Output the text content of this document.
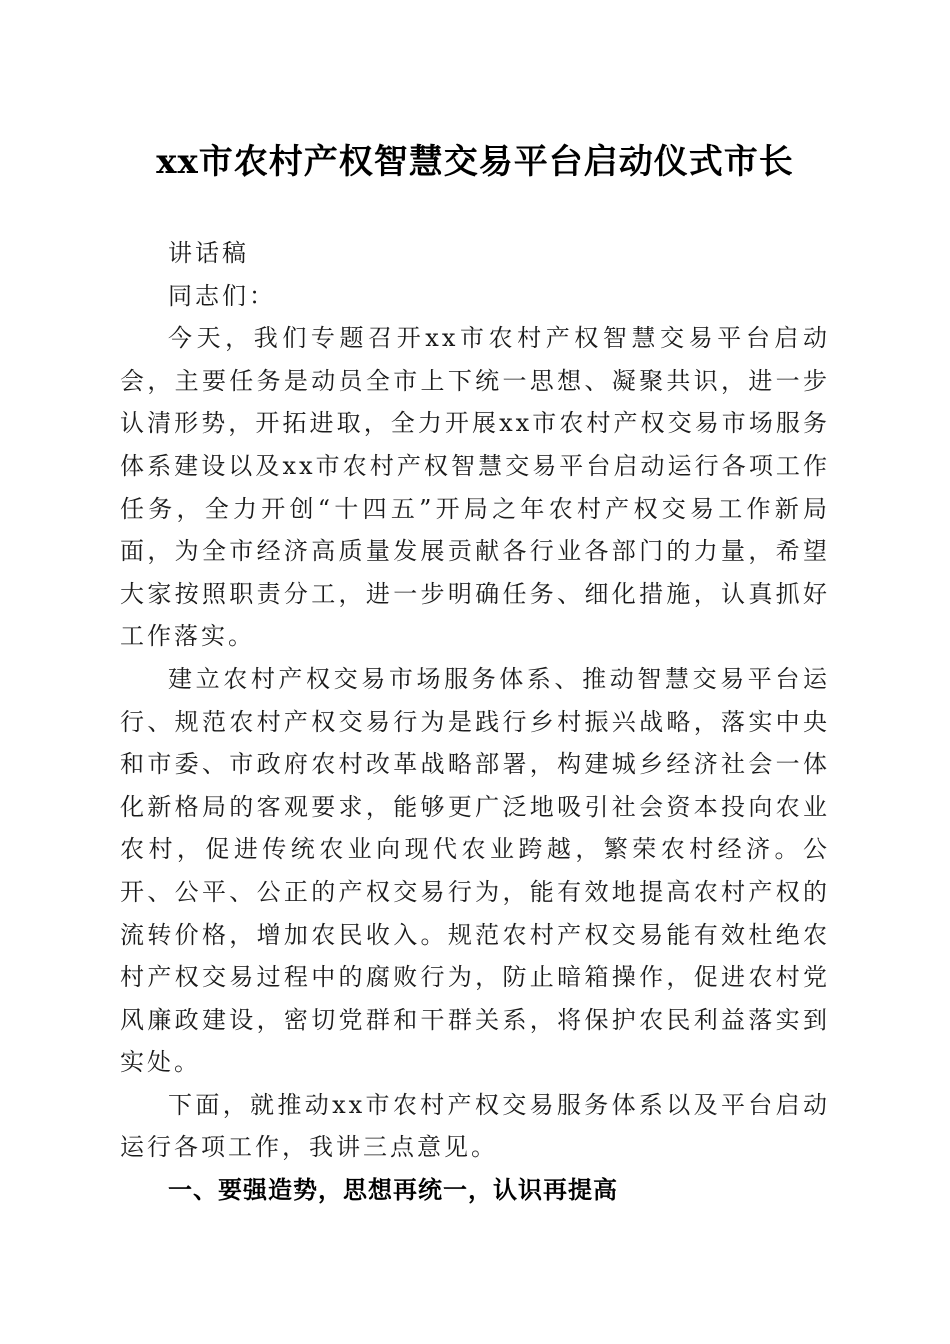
xx市农村产权智慧交易平台启动仪式市长

讲话稿

同志们：

今天，我们专题召开xx市农村产权智慧交易平台启动会，主要任务是动员全市上下统一思想、凝聚共识，进一步认清形势，开拓进取，全力开展xx市农村产权交易市场服务体系建设以及xx市农村产权智慧交易平台启动运行各项工作任务，全力开创“十四五”开局之年农村产权交易工作新局面，为全市经济高质量发展贡献各行业各部门的力量，希望大家按照职责分工，进一步明确任务、细化措施，认真抓好工作落实。

建立农村产权交易市场服务体系、推动智慧交易平台运行、规范农村产权交易行为是践行乡村振兴战略，落实中央和市委、市政府农村改革战略部署，构建城乡经济社会一体化新格局的客观要求，能够更广泛地吸引社会资本投向农业农村，促进传统农业向现代农业跨越，繁荣农村经济。公开、公平、公正的产权交易行为，能有效地提高农村产权的流转价格，增加农民收入。规范农村产权交易能有效杜绝农村产权交易过程中的腐败行为，防止暗箱操作，促进农村党风廉政建设，密切党群和干群关系，将保护农民利益落实到实处。

下面，就推动xx市农村产权交易服务体系以及平台启动运行各项工作，我讲三点意见。

一、要强造势，思想再统一，认识再提高
